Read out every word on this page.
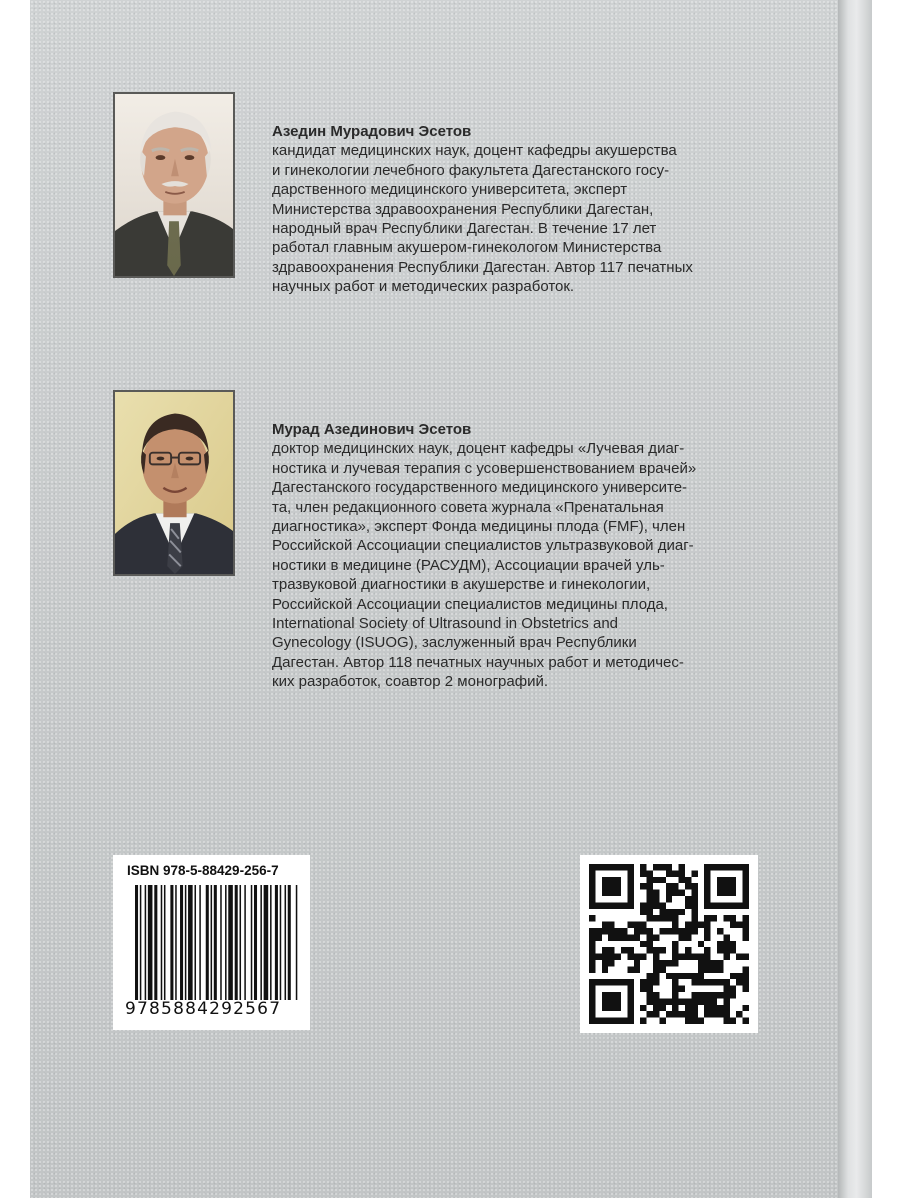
Азедин Мурадович Эсетов
кандидат медицинских наук, доцент кафедры акушерства
и гинекологии лечебного факультета Дагестанского госу-
дарственного медицинского университета, эксперт
Министерства здравоохранения Республики Дагестан,
народный врач Республики Дагестан. В течение 17 лет
работал главным акушером-гинекологом Министерства
здравоохранения Республики Дагестан. Автор 117 печатных
научных работ и методических разработок.
Мурад Азединович Эсетов
доктор медицинских наук, доцент кафедры «Лучевая диаг-
ностика и лучевая терапия с усовершенствованием врачей»
Дагестанского государственного медицинского университе-
та, член редакционного совета журнала «Пренатальная
диагностика», эксперт Фонда медицины плода (FMF), член
Российской Ассоциации специалистов ультразвуковой диаг-
ностики в медицине (РАСУДМ), Ассоциации врачей уль-
тразвуковой диагностики в акушерстве и гинекологии,
Российской Ассоциации специалистов медицины плода,
International Society of Ultrasound in Obstetrics and
Gynecology (ISUOG), заслуженный врач Республики
Дагестан. Автор 118 печатных научных работ и методичес-
ких разработок, соавтор 2 монографий.
ISBN 978-5-88429-256-7
9785884292567
